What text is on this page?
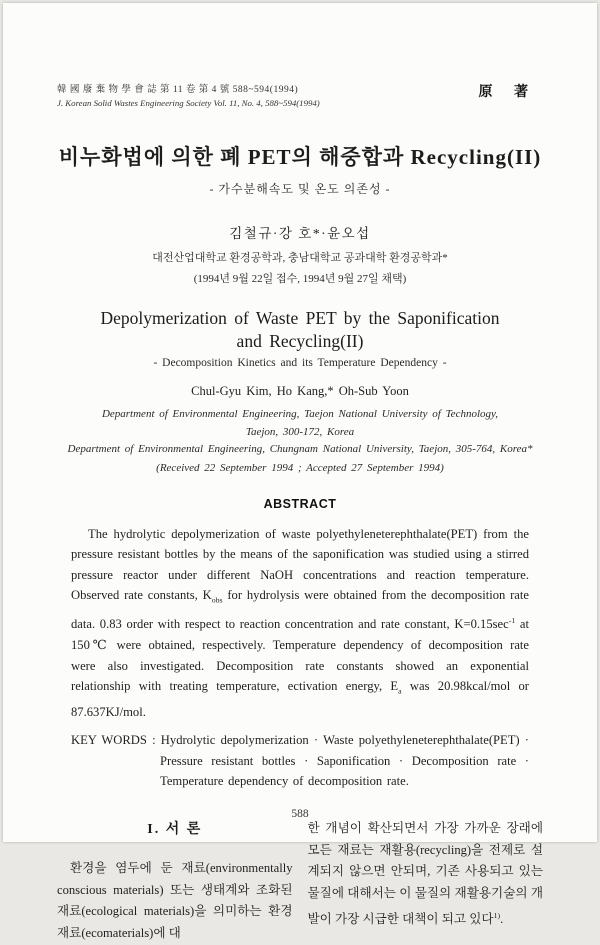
韓 國 廢 棄 物 學 會 誌 第 11 卷 第 4 號 588~594(1994)
J. Korean Solid Wastes Engineering Society Vol. 11, No. 4, 588~594(1994)
原 著
비누화법에 의한 폐 PET의 해중합과 Recycling(II)
- 가수분해속도 및 온도 의존성 -
김철규·강 호*·윤오섭
대전산업대학교 환경공학과, 충남대학교 공과대학 환경공학과*
(1994년 9월 22일 접수, 1994년 9월 27일 채택)
Depolymerization of Waste PET by the Saponification
and Recycling(II)
- Decomposition Kinetics and its Temperature Dependency -
Chul-Gyu Kim, Ho Kang,* Oh-Sub Yoon
Department of Environmental Engineering, Taejon National University of Technology,
Taejon, 300-172, Korea
Department of Environmental Engineering, Chungnam National University, Taejon, 305-764, Korea*
(Received 22 September 1994 ; Accepted 27 September 1994)
ABSTRACT

The hydrolytic depolymerization of waste polyethyleneterephthalate(PET) from the pressure resistant bottles by the means of the saponification was studied using a stirred pressure reactor under different NaOH concentrations and reaction temperature. Observed rate constants, $K_{obs}$ for hydrolysis were obtained from the decomposition rate data. 0.83 order with respect to reaction concentration and rate constant, $K=0.15\sec^{-1}$ at 150℃ were obtained, respectively. Temperature dependency of decomposition rate were also investigated. Decomposition rate constants showed an exponential relationship with treating temperature, ectivation energy, $E_a$ was 20.98kcal/mol or 87.637KJ/mol.

KEY WORDS : Hydrolytic depolymerization · Waste polyethyleneterephthalate(PET) · Pressure resistant bottles · Saponification · Decomposition rate · Temperature dependency of decomposition rate.

I. 서 론

환경을 염두에 둔 재료(environmentally conscious materials) 또는 생태계와 조화된 재료(ecological materials)을 의미하는 환경재료(ecomaterials)에 대

한 개념이 확산되면서 가장 가까운 장래에 모든 재료는 재활용(recycling)을 전제로 설계되지 않으면 안되며, 기존 사용되고 있는 물질에 대해서는 이 물질의 재활용기술의 개발이 가장 시급한 대책이 되고 있다$^{1)}$.

588
